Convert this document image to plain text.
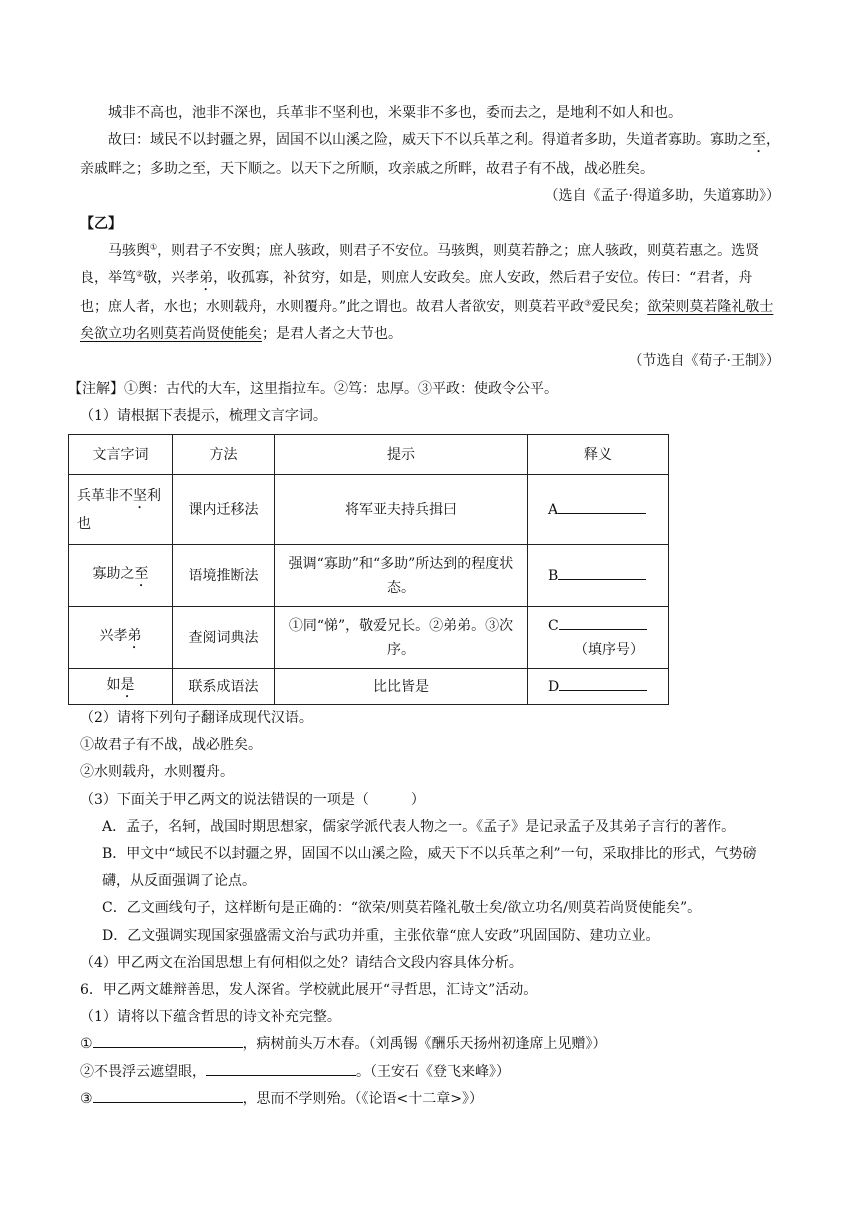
城非不高也，池非不深也，兵革非不坚利也，米粟非不多也，委而去之，是地利不如人和也。

故曰：域民不以封疆之界，固国不以山溪之险，威天下不以兵革之利。得道者多助，失道者寡助。寡助之至，亲戚畔之；多助之至，天下顺之。以天下之所顺，攻亲戚之所畔，故君子有不战，战必胜矣。

（选自《孟子·得道多助，失道寡助》）

【乙】

马骇舆①，则君子不安舆；庶人骇政，则君子不安位。马骇舆，则莫若静之；庶人骇政，则莫若惠之。选贤良，举笃②敬，兴孝弟，收孤寡，补贫穷，如是，则庶人安政矣。庶人安政，然后君子安位。传曰：“君者，舟也；庶人者，水也；水则载舟，水则覆舟。”此之谓也。故君人者欲安，则莫若平政③爱民矣；欲荣则莫若隆礼敬士矣欲立功名则莫若尚贤使能矣；是君人者之大节也。

（节选自《荀子·王制》）

【注解】①舆：古代的大车，这里指拉车。②笃：忠厚。③平政：使政令公平。

（1）请根据下表提示，梳理文言字词。

文言字词	方法	提示	释义
兵革非不坚利也	课内迁移法	将军亚夫持兵揖曰	A
寡助之至	语境推断法	强调“寡助”和“多助”所达到的程度状态。	B
兴孝弟	查阅词典法	①同“悌”，敬爱兄长。②弟弟。③次序。	C
（填序号）
如是	联系成语法	比比皆是	D

（2）请将下列句子翻译成现代汉语。

①故君子有不战，战必胜矣。

②水则载舟，水则覆舟。

（3）下面关于甲乙两文的说法错误的一项是（　　　）

A．孟子，名轲，战国时期思想家，儒家学派代表人物之一。《孟子》是记录孟子及其弟子言行的著作。

B．甲文中“域民不以封疆之界，固国不以山溪之险，威天下不以兵革之利”一句，采取排比的形式，气势磅礴，从反面强调了论点。

C．乙文画线句子，这样断句是正确的：“欲荣/则莫若隆礼敬士矣/欲立功名/则莫若尚贤使能矣”。

D．乙文强调实现国家强盛需文治与武功并重，主张依靠“庶人安政”巩固国防、建功立业。

（4）甲乙两文在治国思想上有何相似之处？请结合文段内容具体分析。

6．甲乙两文雄辩善思，发人深省。学校就此展开“寻哲思，汇诗文”活动。

（1）请将以下蕴含哲思的诗文补充完整。

①	，病树前头万木春。（刘禹锡《酬乐天扬州初逢席上见赠》）

②不畏浮云遮望眼，	。（王安石《登飞来峰》）

③	，思而不学则殆。（《论语<十二章>》）
